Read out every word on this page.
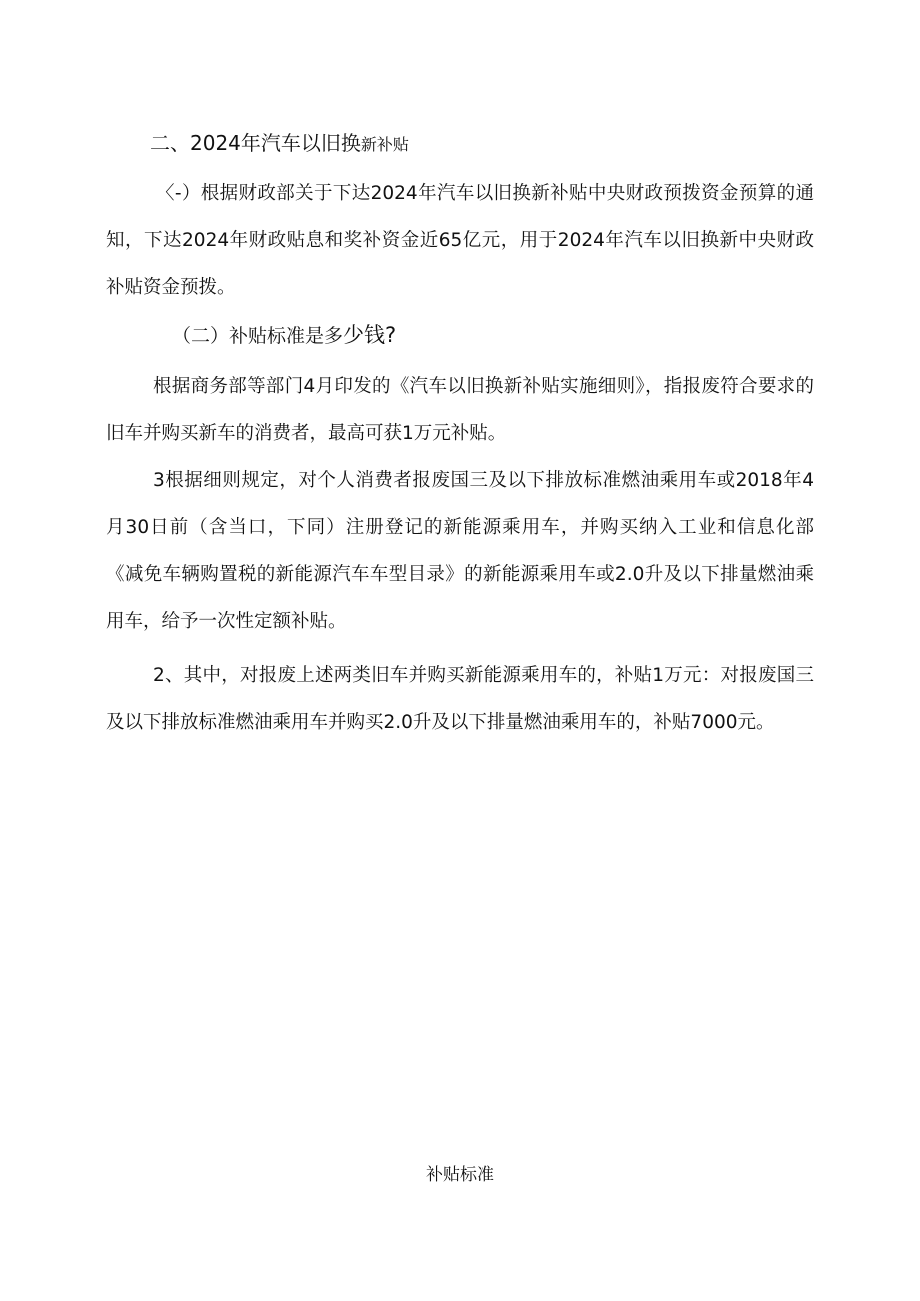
二、2024年汽车以旧换新补贴

〈-）根据财政部关于下达2024年汽车以旧换新补贴中央财政预拨资金预算的通知，下达2024年财政贴息和奖补资金近65亿元，用于2024年汽车以旧换新中央财政补贴资金预拨。

（二）补贴标准是多少钱?

根据商务部等部门4月印发的《汽车以旧换新补贴实施细则》，指报废符合要求的旧车并购买新车的消费者，最高可获1万元补贴。

3根据细则规定，对个人消费者报废国三及以下排放标准燃油乘用车或2018年4月30日前（含当口，下同）注册登记的新能源乘用车，并购买纳入工业和信息化部《减免车辆购置税的新能源汽车车型目录》的新能源乘用车或2.0升及以下排量燃油乘用车，给予一次性定额补贴。

2、其中，对报废上述两类旧车并购买新能源乘用车的，补贴1万元：对报废国三及以下排放标准燃油乘用车并购买2.0升及以下排量燃油乘用车的，补贴7000元。

补贴标准
